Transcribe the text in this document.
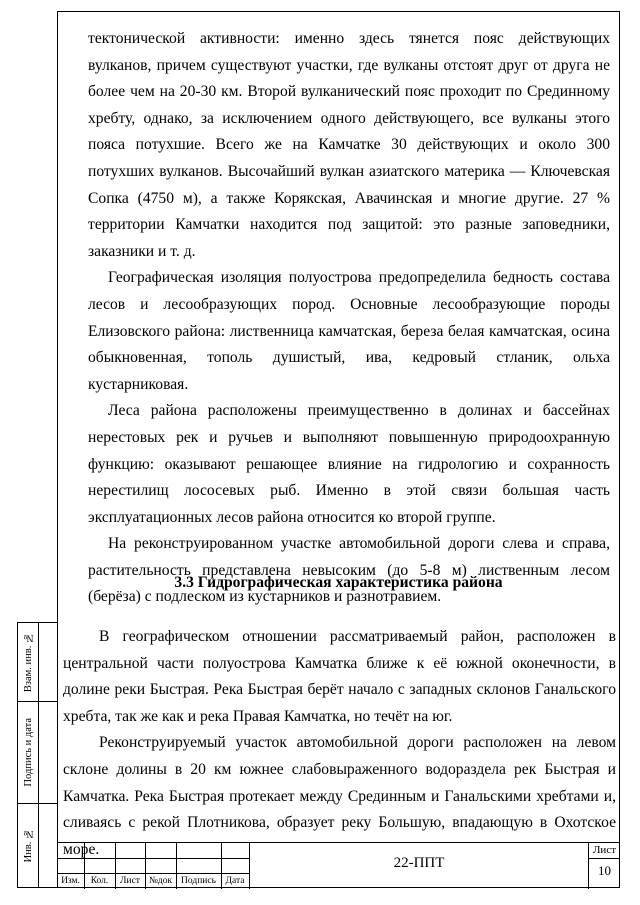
тектонической активности: именно здесь тянется пояс действующих вулканов, причем существуют участки, где вулканы отстоят друг от друга не более чем на 20-30 км. Второй вулканический пояс проходит по Срединному хребту, однако, за исключением одного действующего, все вулканы этого пояса потухшие. Всего же на Камчатке 30 действующих и около 300 потухших вулканов. Высочайший вулкан азиатского материка — Ключевская Сопка (4750 м), а также Корякская, Авачинская и многие другие. 27 % территории Камчатки находится под защитой: это разные заповедники, заказники и т. д.

Географическая изоляция полуострова предопределила бедность состава лесов и лесообразующих пород. Основные лесообразующие породы Елизовского района: лиственница камчатская, береза белая камчатская, осина обыкновенная, тополь душистый, ива, кедровый стланик, ольха кустарниковая.

Леса района расположены преимущественно в долинах и бассейнах нерестовых рек и ручьев и выполняют повышенную природоохранную функцию: оказывают решающее влияние на гидрологию и сохранность нерестилищ лососевых рыб. Именно в этой связи большая часть эксплуатационных лесов района относится ко второй группе.

На реконструированном участке автомобильной дороги слева и справа, растительность представлена невысоким (до 5-8 м) лиственным лесом (берёза) с подлеском из кустарников и разнотравием.

3.3 Гидрографическая характеристика района

В географическом отношении рассматриваемый район, расположен в центральной части полуострова Камчатка ближе к её южной оконечности, в долине реки Быстрая. Река Быстрая берёт начало с западных склонов Ганальского хребта, так же как и река Правая Камчатка, но течёт на юг.

Реконструируемый участок автомобильной дороги расположен на левом склоне долины в 20 км южнее слабовыраженного водораздела рек Быстрая и Камчатка. Река Быстрая протекает между Срединным и Ганальскими хребтами и, сливаясь с рекой Плотникова, образует реку Большую, впадающую в Охотское море.

Взам. инв. №
Подпись и дата
Инв. №
Изм.	Кол.	Лист №док Подпись	Дата
22-ППТ
Лист
10
